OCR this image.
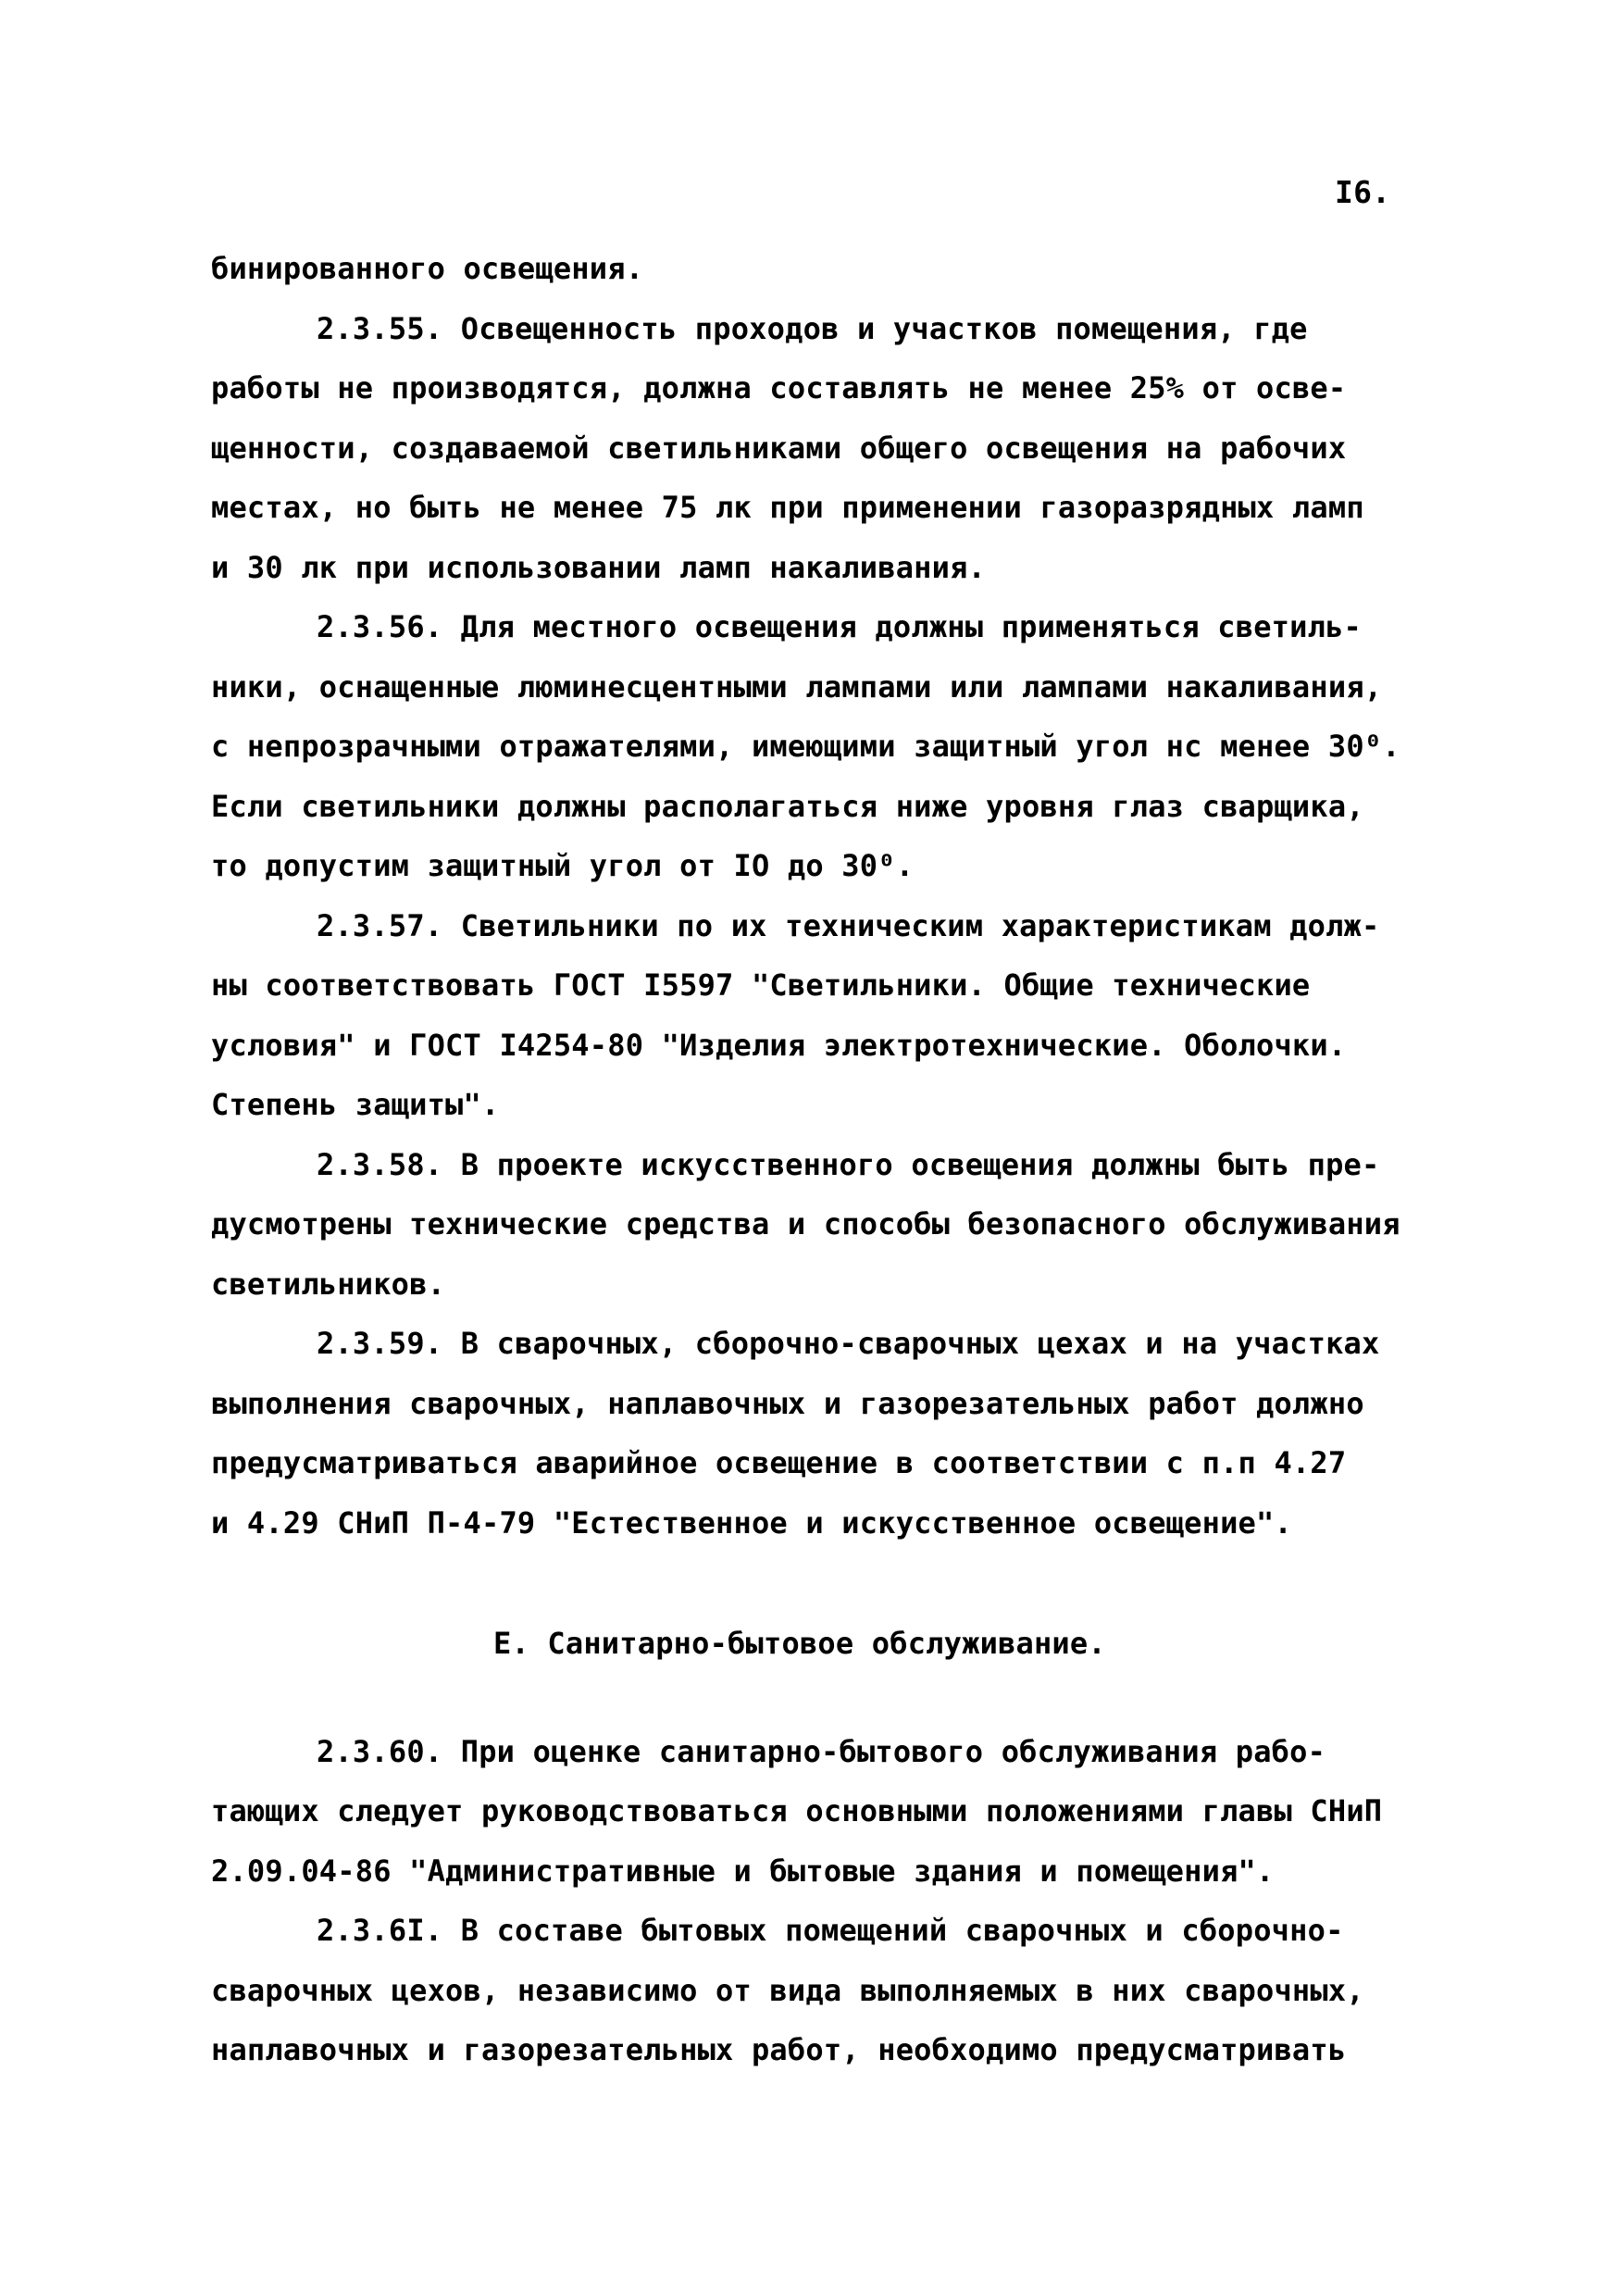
I6.
бинированного освещения.
2.3.55. Освещенность проходов и участков помещения, где
работы не производятся, должна составлять не менее 25% от осве-
щенности, создаваемой светильниками общего освещения на рабочих
местах, но быть не менее 75 лк при применении газоразрядных ламп
и 30 лк при использовании ламп накаливания.
2.3.56. Для местного освещения должны применяться светиль-
ники, оснащенные люминесцентными лампами или лампами накаливания,
с непрозрачными отражателями, имеющими защитный угол нс менее 30⁰.
Если светильники должны располагаться ниже уровня глаз сварщика,
то допустим защитный угол от IO до 30⁰.
2.3.57. Светильники по их техническим характеристикам долж-
ны соответствовать ГОСТ I5597 "Светильники. Общие технические
условия" и ГОСТ I4254-80 "Изделия электротехнические. Оболочки.
Степень защиты".
2.3.58. В проекте искусственного освещения должны быть пре-
дусмотрены технические средства и способы безопасного обслуживания
светильников.
2.3.59. В сварочных, сборочно-сварочных цехах и на участках
выполнения сварочных, наплавочных и газорезательных работ должно
предусматриваться аварийное освещение в соответствии с п.п 4.27
и 4.29 СНиП П-4-79 "Естественное и искусственное освещение".
Е. Санитарно-бытовое обслуживание.
2.3.60. При оценке санитарно-бытового обслуживания рабо-
тающих следует руководствоваться основными положениями главы СНиП
2.09.04-86 "Административные и бытовые здания и помещения".
2.3.6I. В составе бытовых помещений сварочных и сборочно-
сварочных цехов, независимо от вида выполняемых в них сварочных,
наплавочных и газорезательных работ, необходимо предусматривать
